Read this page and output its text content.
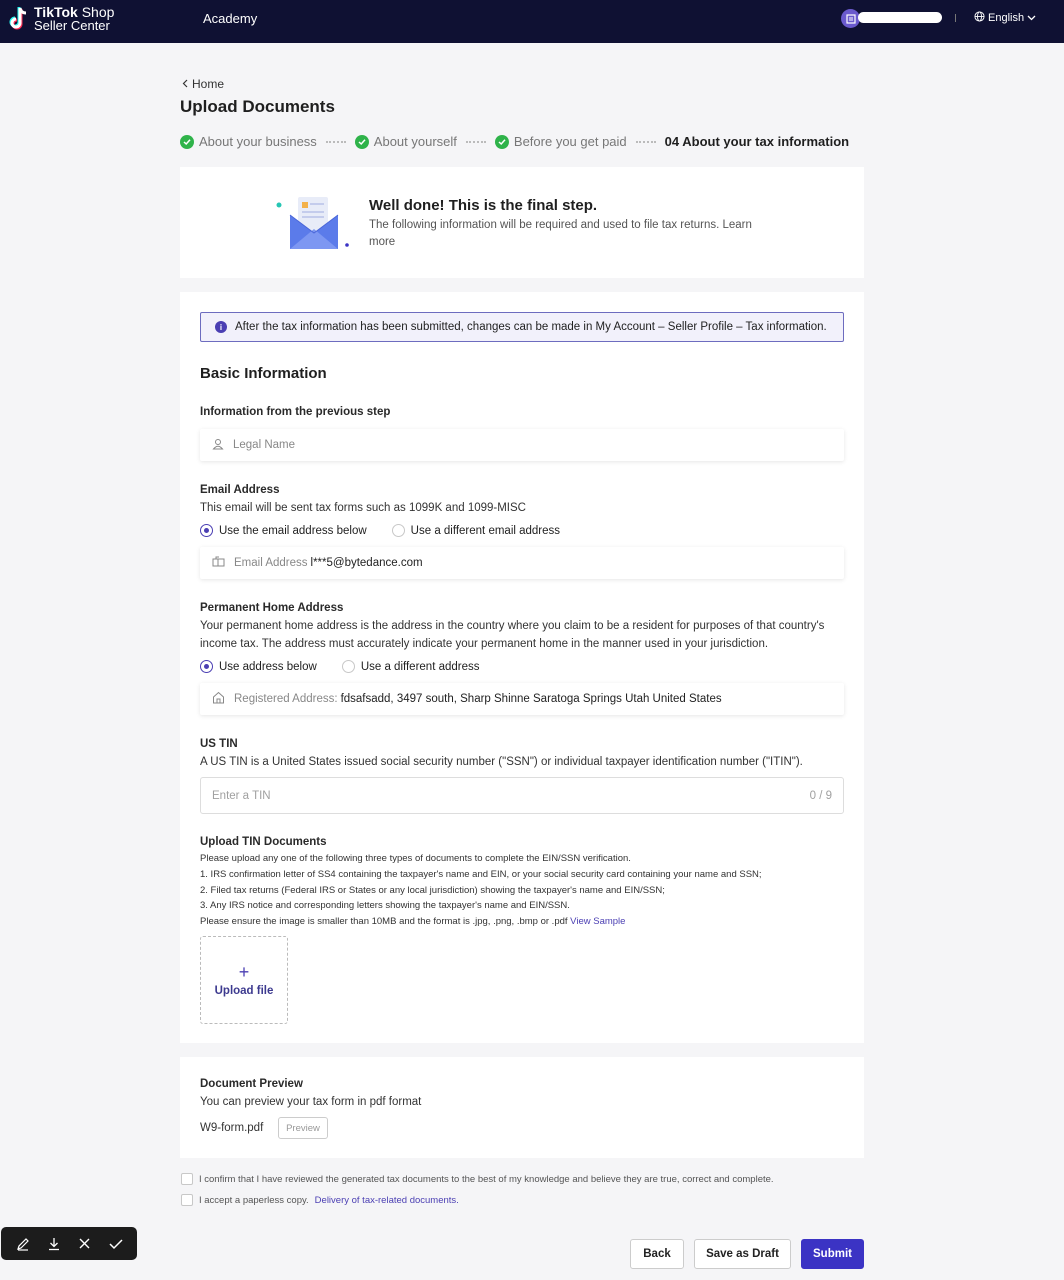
TikTok Shop
Seller Center	Academy	English
Home
Upload Documents
About your business	About yourself	Before you get paid	04 About your tax information
Well done! This is the final step.
The following information will be required and used to file tax returns. Learn more
i	After the tax information has been submitted, changes can be made in My Account – Seller Profile – Tax information.
Basic Information
Information from the previous step
Legal Name
Email Address
This email will be sent tax forms such as 1099K and 1099-MISC
Use the email address below	Use a different email address
Email Address l***5@bytedance.com
Permanent Home Address
Your permanent home address is the address in the country where you claim to be a resident for purposes of that country's income tax. The address must accurately indicate your permanent home in the manner used in your jurisdiction.
Use address below	Use a different address
Registered Address: fdsafsadd, 3497 south, Sharp Shinne Saratoga Springs Utah United States
US TIN
A US TIN is a United States issued social security number ("SSN") or individual taxpayer identification number ("ITIN").
Enter a TIN	0 / 9
Upload TIN Documents
Please upload any one of the following three types of documents to complete the EIN/SSN verification.
1. IRS confirmation letter of SS4 containing the taxpayer's name and EIN, or your social security card containing your name and SSN;
2. Filed tax returns (Federal IRS or States or any local jurisdiction) showing the taxpayer's name and EIN/SSN;
3. Any IRS notice and corresponding letters showing the taxpayer's name and EIN/SSN.
Please ensure the image is smaller than 10MB and the format is .jpg, .png, .bmp or .pdf View Sample
+
Upload file
Document Preview
You can preview your tax form in pdf format
W9-form.pdf	Preview
I confirm that I have reviewed the generated tax documents to the best of my knowledge and believe they are true, correct and complete.
I accept a paperless copy. Delivery of tax-related documents.
Back	Save as Draft	Submit
